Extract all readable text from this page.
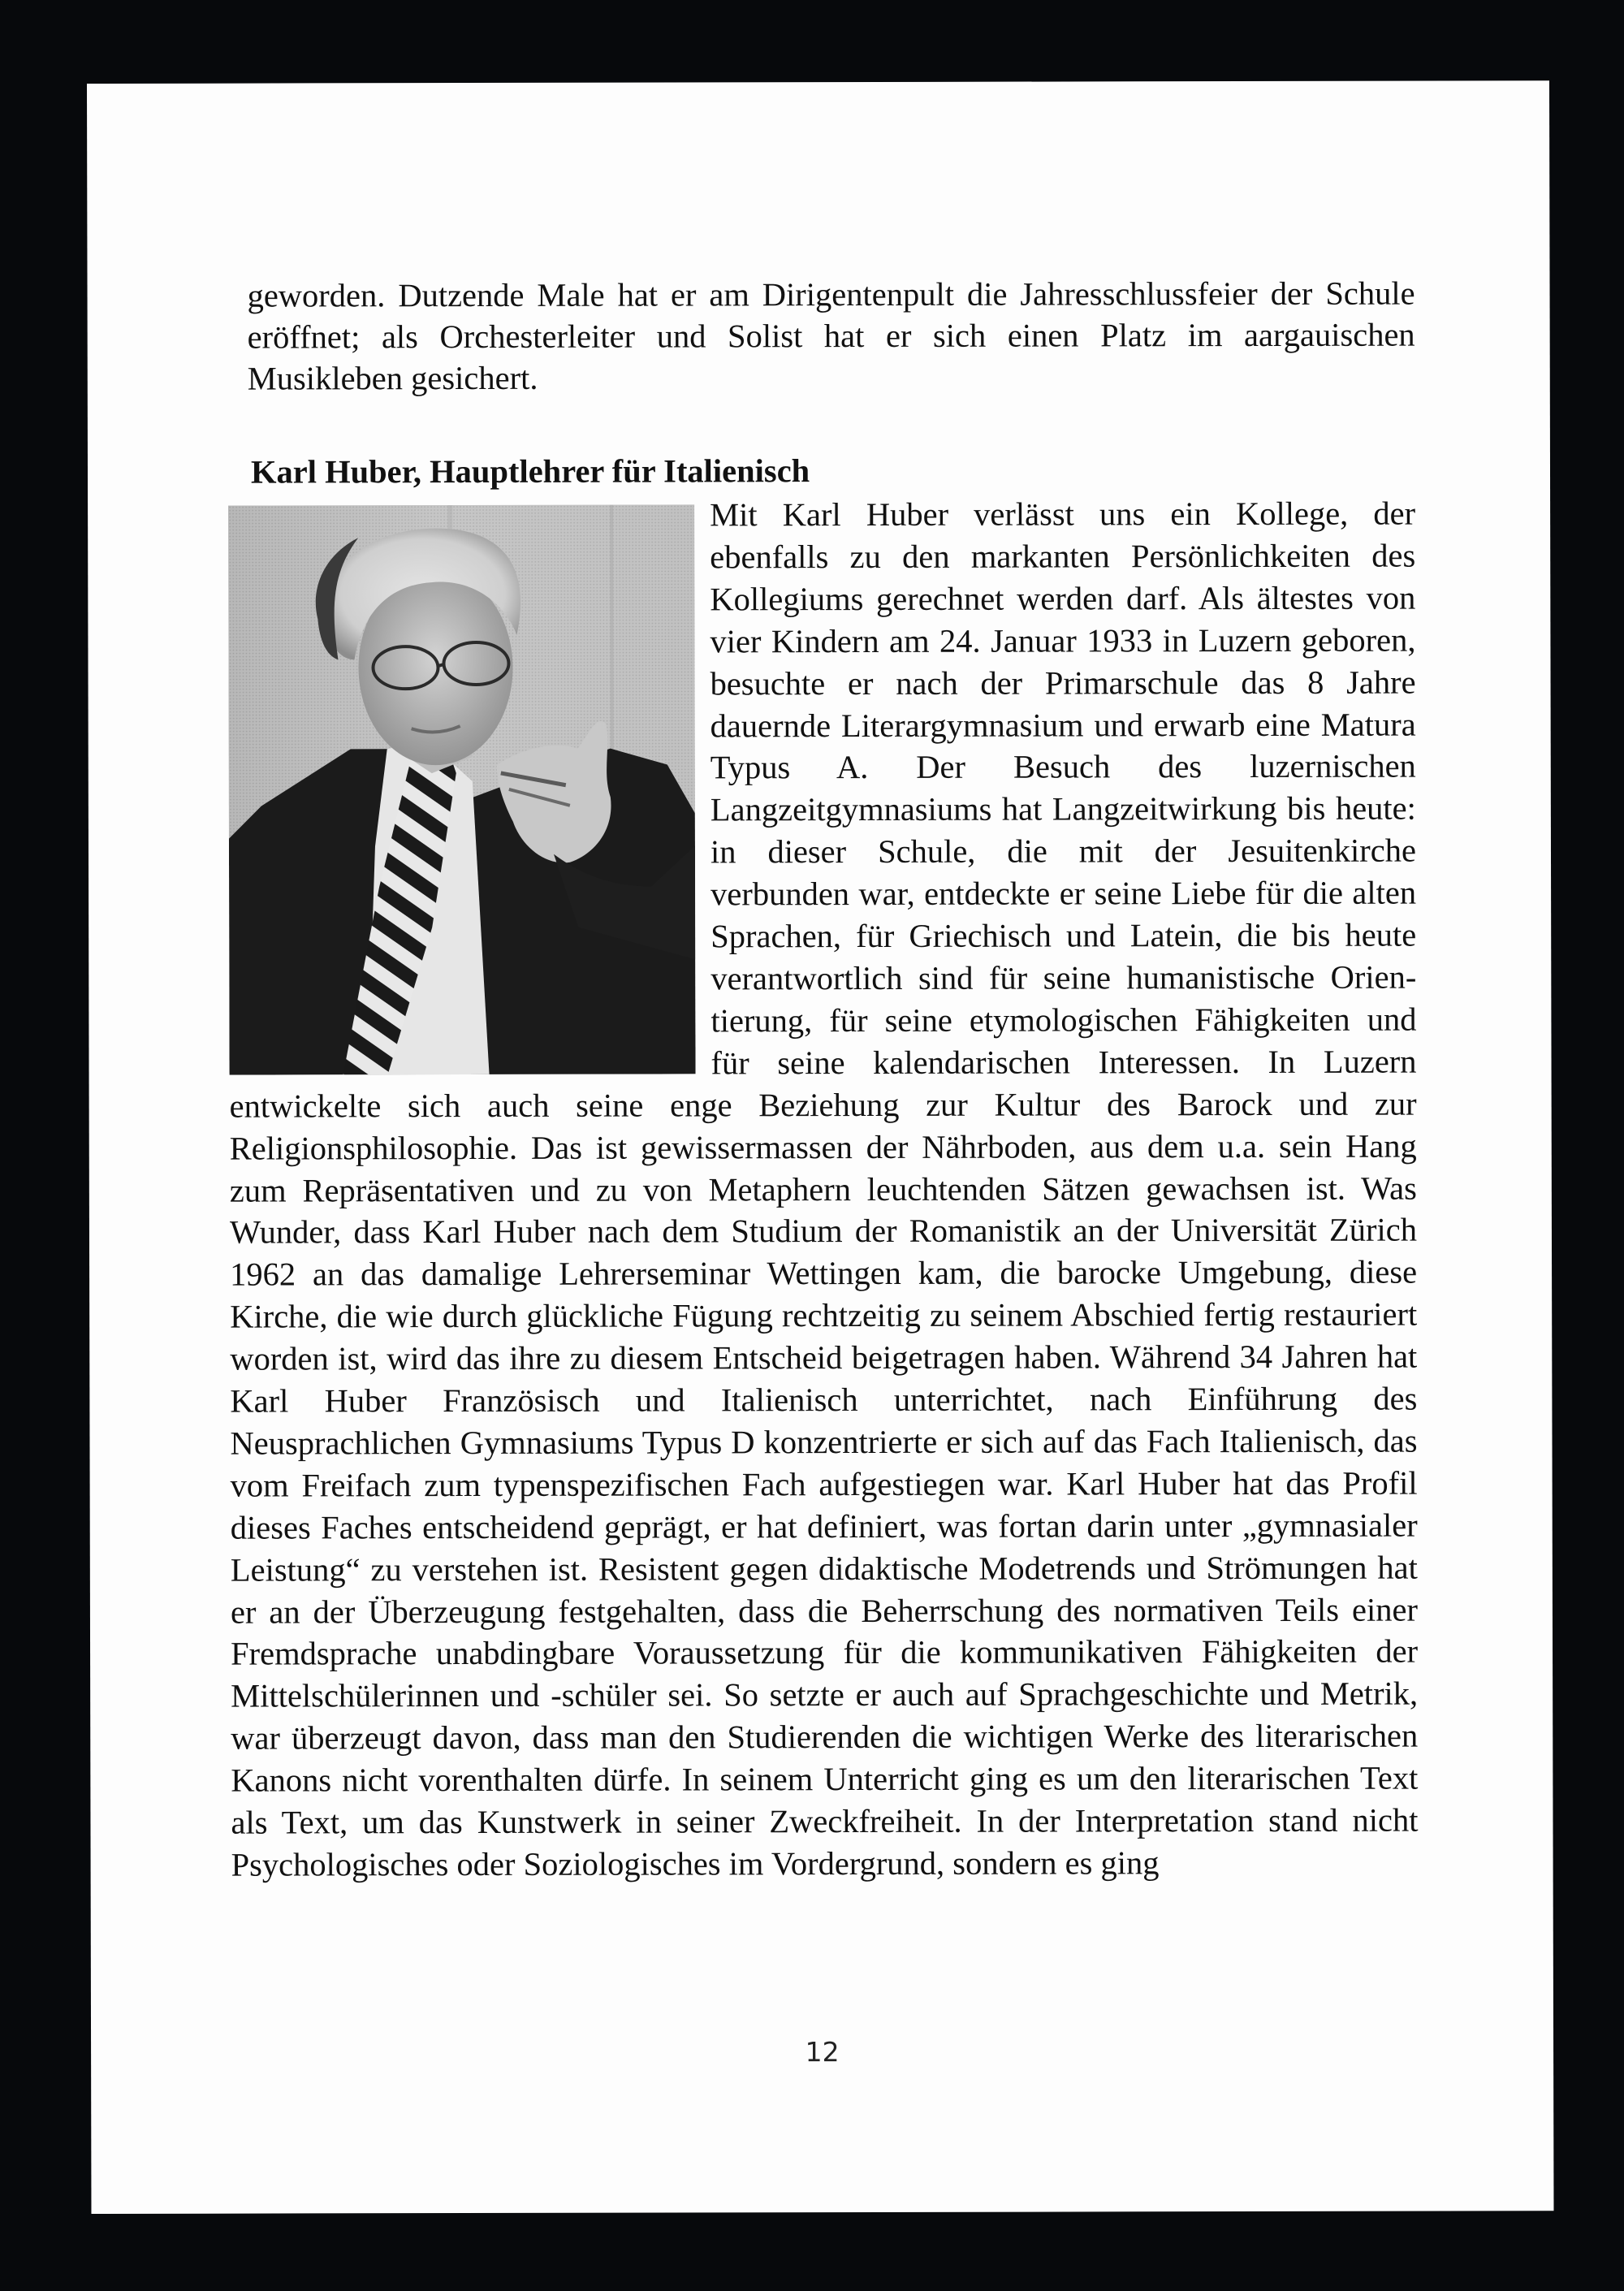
geworden. Dutzende Male hat er am Dirigentenpult die Jahresschlussfeier der Schule eröffnet; als Orchesterleiter und Solist hat er sich einen Platz im aargauischen Musikleben gesichert.

Karl Huber, Hauptlehrer für Italienisch
Mit Karl Huber verlässt uns ein Kollege, der ebenfalls zu den markanten Persönlichkeiten des Kollegiums gerechnet werden darf. Als ältestes von vier Kindern am 24. Januar 1933 in Luzern geboren, besuchte er nach der Primarschule das 8 Jahre dauernde Literargymnasium und erwarb eine Matura Typus A. Der Besuch des luzernischen Langzeitgymnasiums hat Langzeitwirkung bis heute: in dieser Schule, die mit der Jesuitenkirche verbunden war, entdeckte er seine Liebe für die alten Sprachen, für Griechisch und Latein, die bis heute verantwortlich sind für seine humanistische Orientierung, für seine etymologischen Fähigkeiten und für seine kalendarischen Interessen. In Luzern entwickelte sich auch seine enge Beziehung zur Kultur des Barock und zur Religionsphilosophie. Das ist gewissermassen der Nährboden, aus dem u.a. sein Hang zum Repräsentativen und zu von Metaphern leuchtenden Sätzen gewachsen ist. Was Wunder, dass Karl Huber nach dem Studium der Romanistik an der Universität Zürich 1962 an das damalige Lehrerseminar Wettingen kam, die barocke Umgebung, diese Kirche, die wie durch glückliche Fügung rechtzeitig zu seinem Abschied fertig restauriert worden ist, wird das ihre zu diesem Entscheid beigetragen haben. Während 34 Jahren hat Karl Huber Französisch und Italienisch unterrichtet, nach Einführung des Neusprachlichen Gymnasiums Typus D konzentrierte er sich auf das Fach Italienisch, das vom Freifach zum typenspezifischen Fach aufgestiegen war. Karl Huber hat das Profil dieses Faches entscheidend geprägt, er hat definiert, was fortan darin unter „gymnasialer Leistung“ zu verstehen ist. Resistent gegen didaktische Modetrends und Strömungen hat er an der Überzeugung festgehalten, dass die Beherrschung des normativen Teils einer Fremdsprache unabdingbare Voraussetzung für die kommunikativen Fähigkeiten der Mittelschülerinnen und -schüler sei. So setzte er auch auf Sprachgeschichte und Metrik, war überzeugt davon, dass man den Studierenden die wichtigen Werke des literarischen Kanons nicht vorenthalten dürfe. In seinem Unterricht ging es um den literarischen Text als Text, um das Kunstwerk in seiner Zweckfreiheit. In der Interpretation stand nicht Psychologisches oder Soziologisches im Vordergrund, sondern es ging
12
